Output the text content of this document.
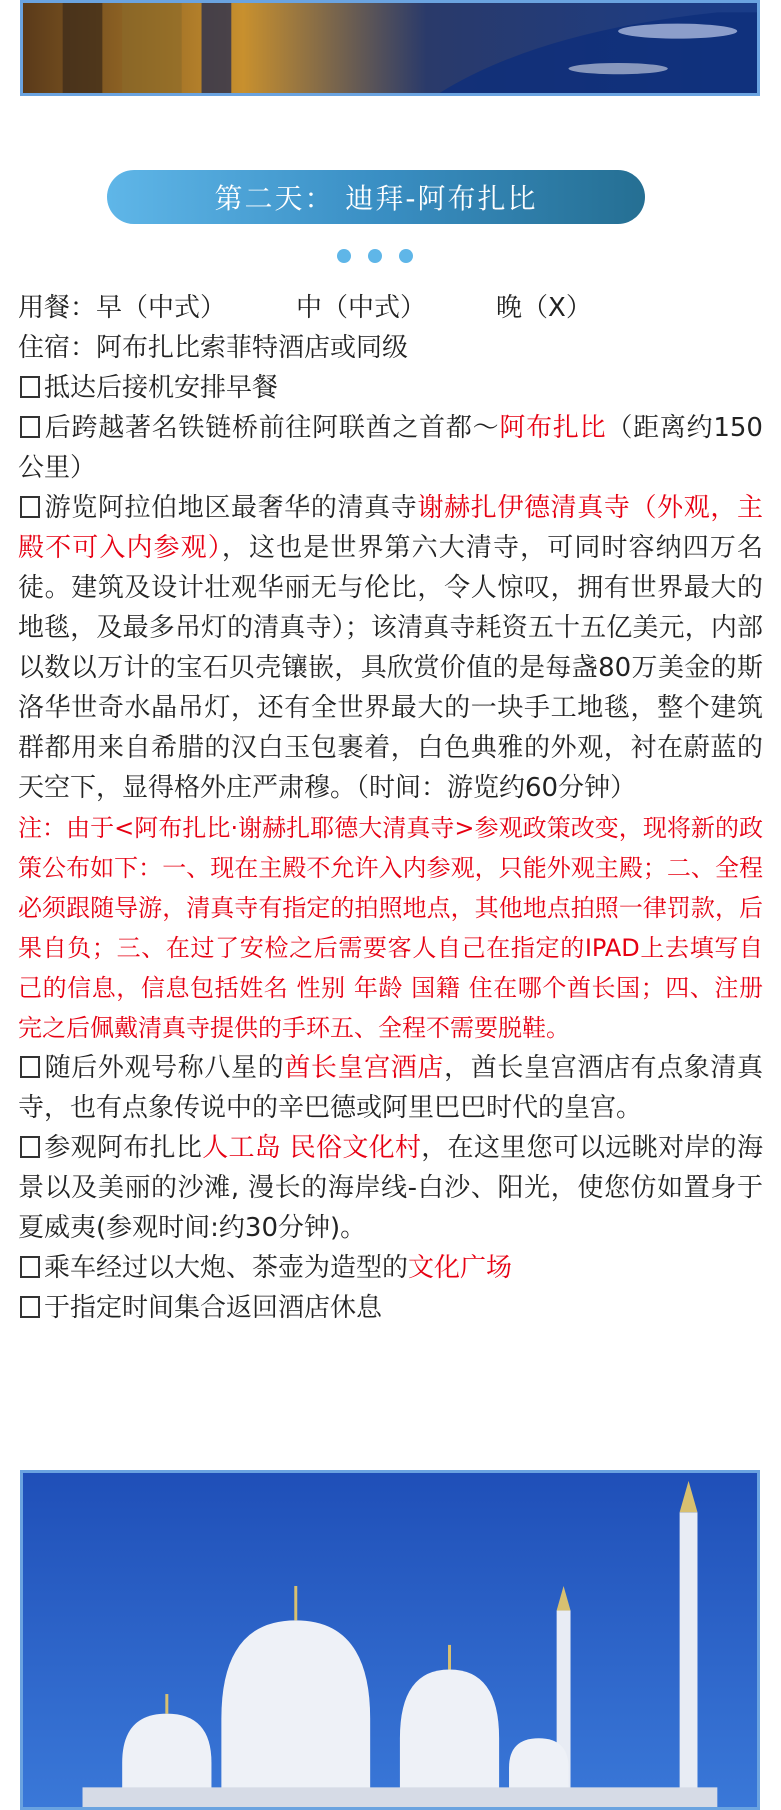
第二天： 迪拜-阿布扎比

用餐：早（中式）	中（中式）	晚（X）

住宿：阿布扎比索菲特酒店或同级

抵达后接机安排早餐

后跨越著名铁链桥前往阿联酋之首都～阿布扎比（距离约150公里）

游览阿拉伯地区最奢华的清真寺谢赫扎伊德清真寺（外观，主殿不可入内参观），这也是世界第六大清寺，可同时容纳四万名徒。建筑及设计壮观华丽无与伦比，令人惊叹，拥有世界最大的地毯，及最多吊灯的清真寺）；该清真寺耗资五十五亿美元，内部以数以万计的宝石贝壳镶嵌，具欣赏价值的是每盏80万美金的斯洛华世奇水晶吊灯，还有全世界最大的一块手工地毯，整个建筑群都用来自希腊的汉白玉包裹着，白色典雅的外观，衬在蔚蓝的天空下，显得格外庄严肃穆。（时间：游览约60分钟）

注：由于<阿布扎比·谢赫扎耶德大清真寺>参观政策改变，现将新的政策公布如下：一、现在主殿不允许入内参观，只能外观主殿；二、全程必须跟随导游，清真寺有指定的拍照地点，其他地点拍照一律罚款，后果自负；三、在过了安检之后需要客人自己在指定的IPAD上去填写自己的信息，信息包括姓名 性别 年龄 国籍 住在哪个酋长国；四、注册完之后佩戴清真寺提供的手环五、全程不需要脱鞋。

随后外观号称八星的酋长皇宫酒店，酋长皇宫酒店有点象清真寺，也有点象传说中的辛巴德或阿里巴巴时代的皇宫。

参观阿布扎比人工岛 民俗文化村，在这里您可以远眺对岸的海景以及美丽的沙滩, 漫长的海岸线-白沙、阳光，使您仿如置身于夏威夷(参观时间:约30分钟)。

乘车经过以大炮、茶壶为造型的文化广场

于指定时间集合返回酒店休息
